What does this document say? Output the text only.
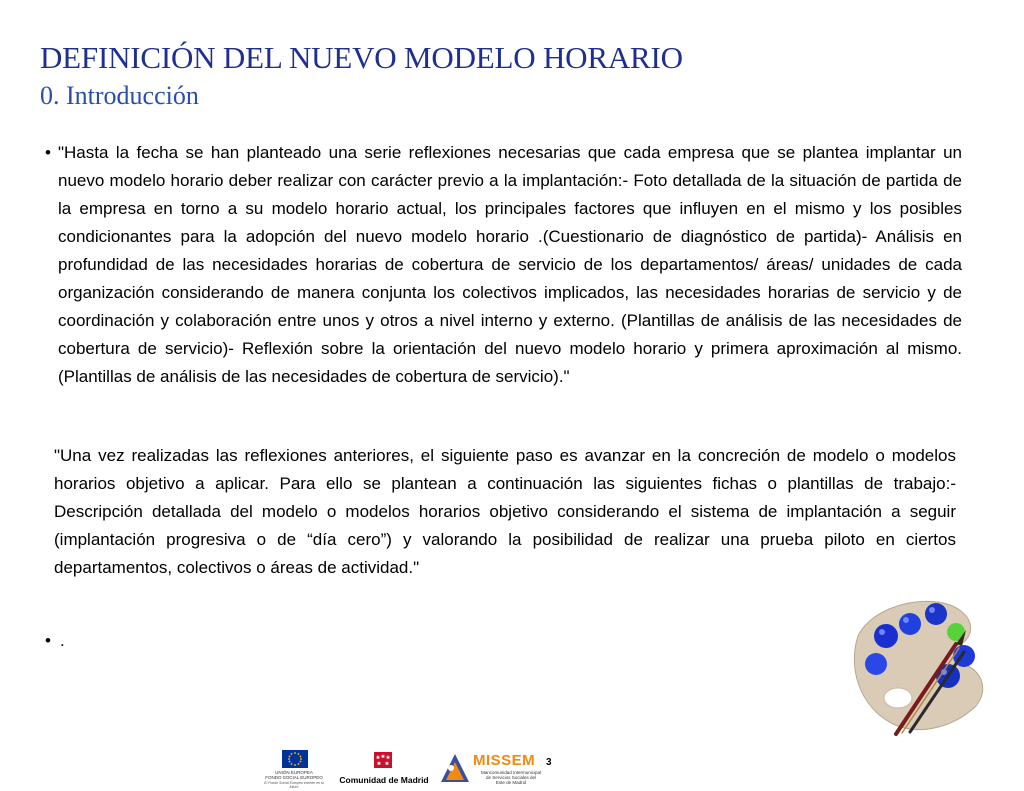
DEFINICIÓN DEL NUEVO MODELO HORARIO
0. Introducción
• "Hasta la fecha se han planteado una serie reflexiones necesarias que cada empresa que se plantea implantar un nuevo modelo horario deber realizar con carácter previo a la implantación:- Foto detallada de la situación de partida de la empresa en torno a su modelo horario actual, los principales factores que influyen en el mismo y los posibles condicionantes para la adopción del nuevo modelo horario .(Cuestionario de diagnóstico de partida)- Análisis en profundidad de las necesidades horarias de cobertura de servicio de los departamentos/ áreas/ unidades de cada organización considerando de manera conjunta los colectivos implicados, las necesidades horarias de servicio y de coordinación y colaboración entre unos y otros a nivel interno y externo. (Plantillas de análisis de las necesidades de cobertura de servicio)- Reflexión sobre la orientación del nuevo modelo horario y primera aproximación al mismo. (Plantillas de análisis de las necesidades de cobertura de servicio)."
"Una vez realizadas las reflexiones anteriores, el siguiente paso es avanzar en la concreción de modelo o modelos horarios objetivo a aplicar. Para ello se plantean a continuación las siguientes fichas o plantillas de trabajo:- Descripción detallada del modelo o modelos horarios objetivo considerando el sistema de implantación a seguir (implantación progresiva o de “día cero”) y valorando la posibilidad de realizar una prueba piloto en ciertos departamentos, colectivos o áreas de actividad."
• .
UNIÓN EUROPEA
FONDO SOCIAL EUROPEO
El Fondo Social Europeo invierte en tu futuro
Comunidad de Madrid
MISSEM
Mancomunidad Intermunicipal
de Servicios Sociales del
Este de Madrid
3
